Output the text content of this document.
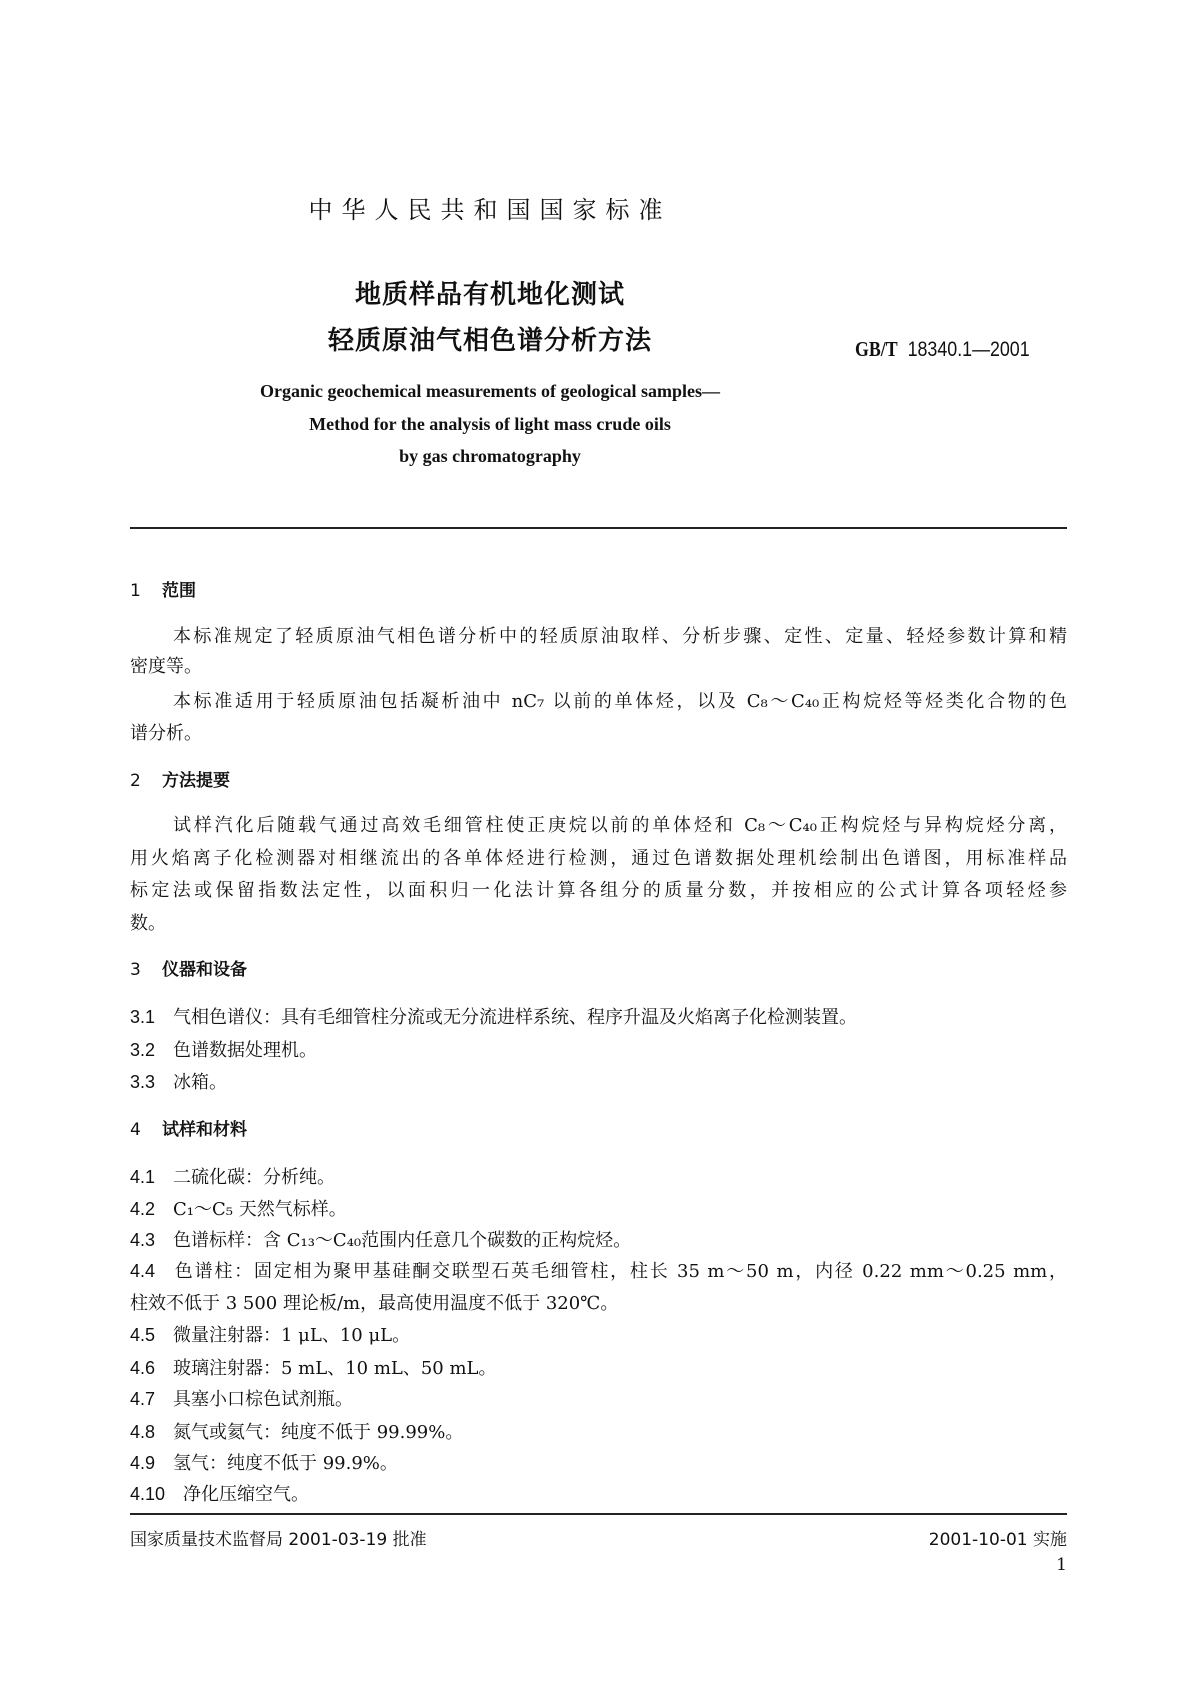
中华人民共和国国家标准
地质样品有机地化测试
轻质原油气相色谱分析方法	GB/T 18340.1—2001
Organic geochemical measurements of geological samples—
Method for the analysis of light mass crude oils
by gas chromatography
国家质量技术监督局 2001-03-19 批准	2001-10-01 实施
1
1 范围
本标准规定了轻质原油气相色谱分析中的轻质原油取样、分析步骤、定性、定量、轻烃参数计算和精
密度等。
本标准适用于轻质原油包括凝析油中 nC₇ 以前的单体烃，以及 C₈～C₄₀正构烷烃等烃类化合物的色
谱分析。
2 方法提要
试样汽化后随载气通过高效毛细管柱使正庚烷以前的单体烃和 C₈～C₄₀正构烷烃与异构烷烃分离，
用火焰离子化检测器对相继流出的各单体烃进行检测，通过色谱数据处理机绘制出色谱图，用标准样品
标定法或保留指数法定性，以面积归一化法计算各组分的质量分数，并按相应的公式计算各项轻烃参
数。
3 仪器和设备
3.1 气相色谱仪：具有毛细管柱分流或无分流进样系统、程序升温及火焰离子化检测装置。
3.2 色谱数据处理机。
3.3 冰箱。
4 试样和材料
4.1 二硫化碳：分析纯。
4.2 C₁～C₅ 天然气标样。
4.3 色谱标样：含 C₁₃～C₄₀范围内任意几个碳数的正构烷烃。
4.4 色谱柱：固定相为聚甲基硅酮交联型石英毛细管柱，柱长 35 m～50 m，内径 0.22 mm～0.25 mm，
柱效不低于 3 500 理论板/m，最高使用温度不低于 320℃。
4.5 微量注射器：1 μL、10 μL。
4.6 玻璃注射器：5 mL、10 mL、50 mL。
4.7 具塞小口棕色试剂瓶。
4.8 氮气或氦气：纯度不低于 99.99%。
4.9 氢气：纯度不低于 99.9%。
4.10 净化压缩空气。
